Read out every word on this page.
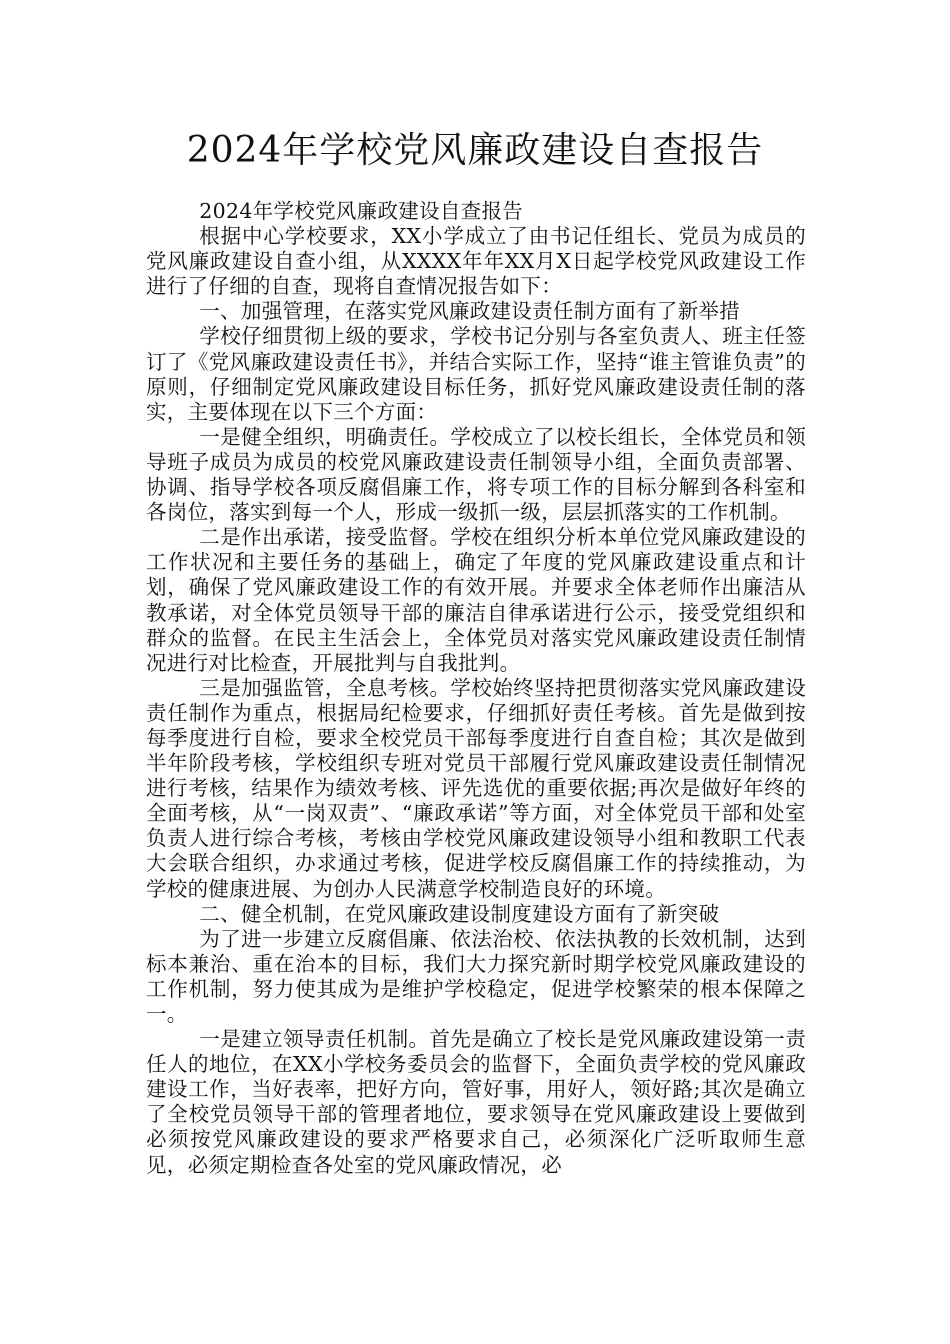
2024年学校党风廉政建设自查报告

2024年学校党风廉政建设自查报告

根据中心学校要求，XX小学成立了由书记任组长、党员为成员的党风廉政建设自查小组，从XXXX年年XX月X日起学校党风政建设工作进行了仔细的自查，现将自查情况报告如下：

一、加强管理，在落实党风廉政建设责任制方面有了新举措

学校仔细贯彻上级的要求，学校书记分别与各室负责人、班主任签订了《党风廉政建设责任书》，并结合实际工作，坚持“谁主管谁负责”的原则，仔细制定党风廉政建设目标任务，抓好党风廉政建设责任制的落实，主要体现在以下三个方面：

一是健全组织，明确责任。学校成立了以校长组长，全体党员和领导班子成员为成员的校党风廉政建设责任制领导小组，全面负责部署、协调、指导学校各项反腐倡廉工作，将专项工作的目标分解到各科室和各岗位，落实到每一个人，形成一级抓一级，层层抓落实的工作机制。

二是作出承诺，接受监督。学校在组织分析本单位党风廉政建设的工作状况和主要任务的基础上，确定了年度的党风廉政建设重点和计划，确保了党风廉政建设工作的有效开展。并要求全体老师作出廉洁从教承诺，对全体党员领导干部的廉洁自律承诺进行公示，接受党组织和群众的监督。在民主生活会上，全体党员对落实党风廉政建设责任制情况进行对比检查，开展批判与自我批判。

三是加强监管，全息考核。学校始终坚持把贯彻落实党风廉政建设责任制作为重点，根据局纪检要求，仔细抓好责任考核。首先是做到按每季度进行自检，要求全校党员干部每季度进行自查自检；其次是做到半年阶段考核，学校组织专班对党员干部履行党风廉政建设责任制情况进行考核，结果作为绩效考核、评先选优的重要依据;再次是做好年终的全面考核，从“一岗双责”、“廉政承诺”等方面，对全体党员干部和处室负责人进行综合考核，考核由学校党风廉政建设领导小组和教职工代表大会联合组织，办求通过考核，促进学校反腐倡廉工作的持续推动，为学校的健康进展、为创办人民满意学校制造良好的环境。

二、健全机制，在党风廉政建设制度建设方面有了新突破

为了进一步建立反腐倡廉、依法治校、依法执教的长效机制，达到标本兼治、重在治本的目标，我们大力探究新时期学校党风廉政建设的工作机制，努力使其成为是维护学校稳定，促进学校繁荣的根本保障之一。

一是建立领导责任机制。首先是确立了校长是党风廉政建设第一责任人的地位，在XX小学校务委员会的监督下，全面负责学校的党风廉政建设工作，当好表率，把好方向，管好事，用好人，领好路;其次是确立了全校党员领导干部的管理者地位，要求领导在党风廉政建设上要做到必须按党风廉政建设的要求严格要求自己，必须深化广泛听取师生意见，必须定期检查各处室的党风廉政情况，必
